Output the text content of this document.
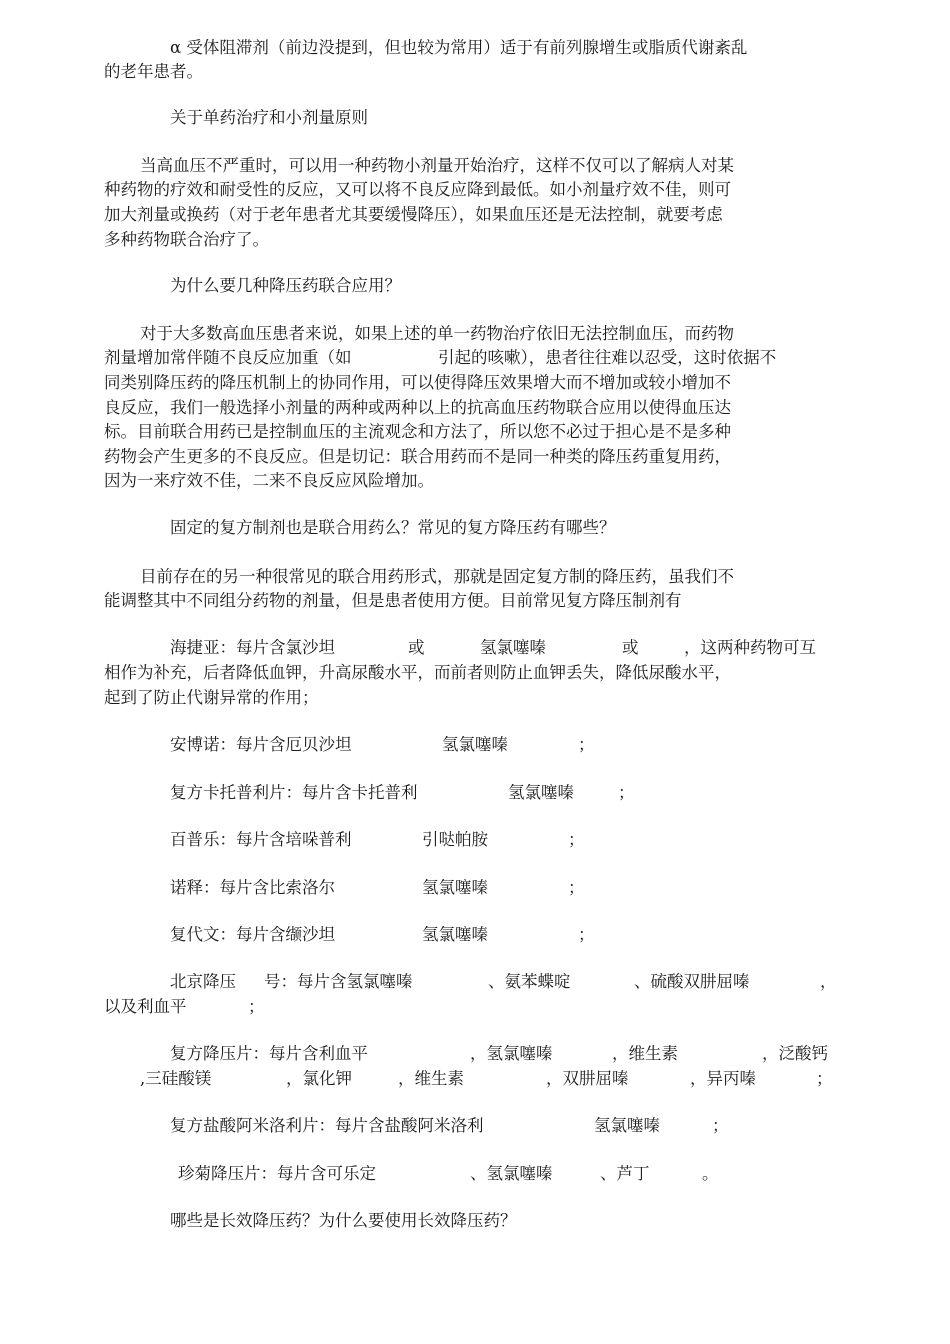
α 受体阻滞剂（前边没提到，但也较为常用）适于有前列腺增生或脂质代谢紊乱
的老年患者。
关于单药治疗和小剂量原则
当高血压不严重时，可以用一种药物小剂量开始治疗，这样不仅可以了解病人对某
种药物的疗效和耐受性的反应，又可以将不良反应降到最低。如小剂量疗效不佳，则可
加大剂量或换药（对于老年患者尤其要缓慢降压），如果血压还是无法控制，就要考虑
多种药物联合治疗了。
为什么要几种降压药联合应用？
对于大多数高血压患者来说，如果上述的单一药物治疗依旧无法控制血压，而药物
剂量增加常伴随不良反应加重（如	引起的咳嗽），患者往往难以忍受，这时依据不
同类别降压药的降压机制上的协同作用，可以使得降压效果增大而不增加或较小增加不
良反应，我们一般选择小剂量的两种或两种以上的抗高血压药物联合应用以使得血压达
标。目前联合用药已是控制血压的主流观念和方法了，所以您不必过于担心是不是多种
药物会产生更多的不良反应。但是切记：联合用药而不是同一种类的降压药重复用药，
因为一来疗效不佳，二来不良反应风险增加。
固定的复方制剂也是联合用药么？常见的复方降压药有哪些？
目前存在的另一种很常见的联合用药形式，那就是固定复方制的降压药，虽我们不
能调整其中不同组分药物的剂量，但是患者使用方便。目前常见复方降压制剂有
海捷亚：每片含氯沙坦	或	氢氯噻嗪	或	，这两种药物可互
相作为补充，后者降低血钾，升高尿酸水平，而前者则防止血钾丢失，降低尿酸水平，
起到了防止代谢异常的作用；
安博诺：每片含厄贝沙坦	氢氯噻嗪	；
复方卡托普利片：每片含卡托普利	氢氯噻嗪	；
百普乐：每片含培哚普利	引哒帕胺	；
诺释：每片含比索洛尔	氢氯噻嗪	；
复代文：每片含缬沙坦	氢氯噻嗪	；
北京降压 号：每片含氢氯噻嗪	、氨苯蝶啶	、硫酸双肼屈嗪	，
以及利血平	；
复方降压片：每片含利血平	，氢氯噻嗪	，维生素	，泛酸钙
,三硅酸镁	，氯化钾	，维生素	，双肼屈嗪	，异丙嗪	；
复方盐酸阿米洛利片：每片含盐酸阿米洛利	氢氯噻嗪	；
珍菊降压片：每片含可乐定	、氢氯噻嗪	、芦丁	。
哪些是长效降压药？为什么要使用长效降压药？
